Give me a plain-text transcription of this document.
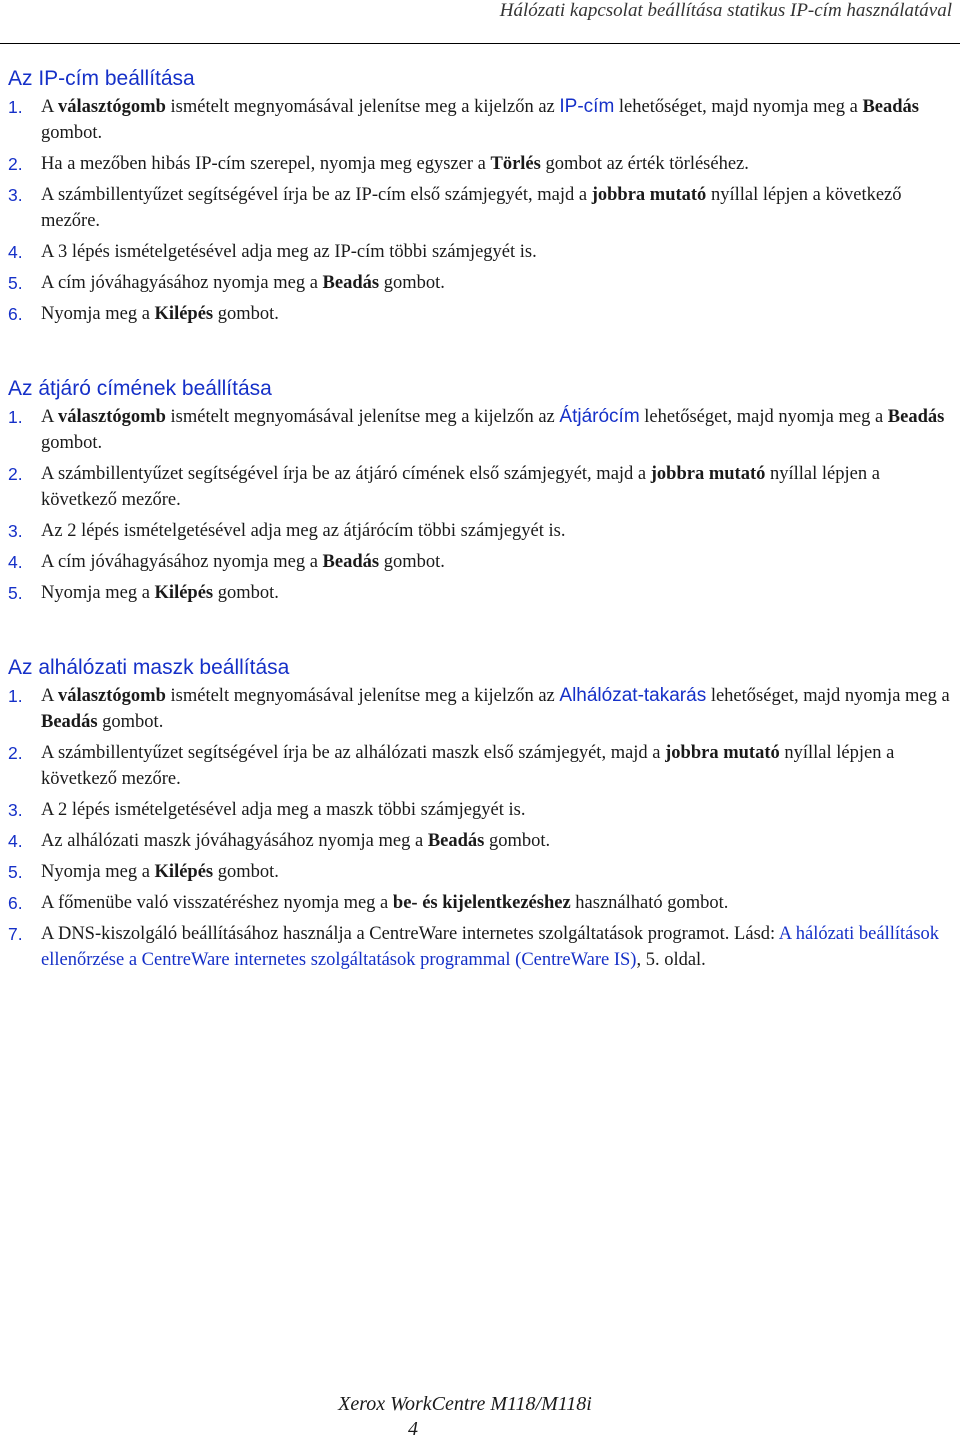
Hálózati kapcsolat beállítása statikus IP-cím használatával
Az IP-cím beállítása
1. A választógomb ismételt megnyomásával jelenítse meg a kijelzőn az IP-cím lehetőséget, majd nyomja meg a Beadás gombot.
2. Ha a mezőben hibás IP-cím szerepel, nyomja meg egyszer a Törlés gombot az érték törléséhez.
3. A számbillentyűzet segítségével írja be az IP-cím első számjegyét, majd a jobbra mutató nyíllal lépjen a következő mezőre.
4. A 3 lépés ismételgetésével adja meg az IP-cím többi számjegyét is.
5. A cím jóváhagyásához nyomja meg a Beadás gombot.
6. Nyomja meg a Kilépés gombot.
Az átjáró címének beállítása
1. A választógomb ismételt megnyomásával jelenítse meg a kijelzőn az Átjárócím lehetőséget, majd nyomja meg a Beadás gombot.
2. A számbillentyűzet segítségével írja be az átjáró címének első számjegyét, majd a jobbra mutató nyíllal lépjen a következő mezőre.
3. Az 2 lépés ismételgetésével adja meg az átjárócím többi számjegyét is.
4. A cím jóváhagyásához nyomja meg a Beadás gombot.
5. Nyomja meg a Kilépés gombot.
Az alhálózati maszk beállítása
1. A választógomb ismételt megnyomásával jelenítse meg a kijelzőn az Alhálózat-takarás lehetőséget, majd nyomja meg a Beadás gombot.
2. A számbillentyűzet segítségével írja be az alhálózati maszk első számjegyét, majd a jobbra mutató nyíllal lépjen a következő mezőre.
3. A 2 lépés ismételgetésével adja meg a maszk többi számjegyét is.
4. Az alhálózati maszk jóváhagyásához nyomja meg a Beadás gombot.
5. Nyomja meg a Kilépés gombot.
6. A főmenübe való visszatéréshez nyomja meg a be- és kijelentkezéshez használható gombot.
7. A DNS-kiszolgáló beállításához használja a CentreWare internetes szolgáltatások programot. Lásd: A hálózati beállítások ellenőrzése a CentreWare internetes szolgáltatások programmal (CentreWare IS), 5. oldal.
Xerox WorkCentre M118/M118i
4
